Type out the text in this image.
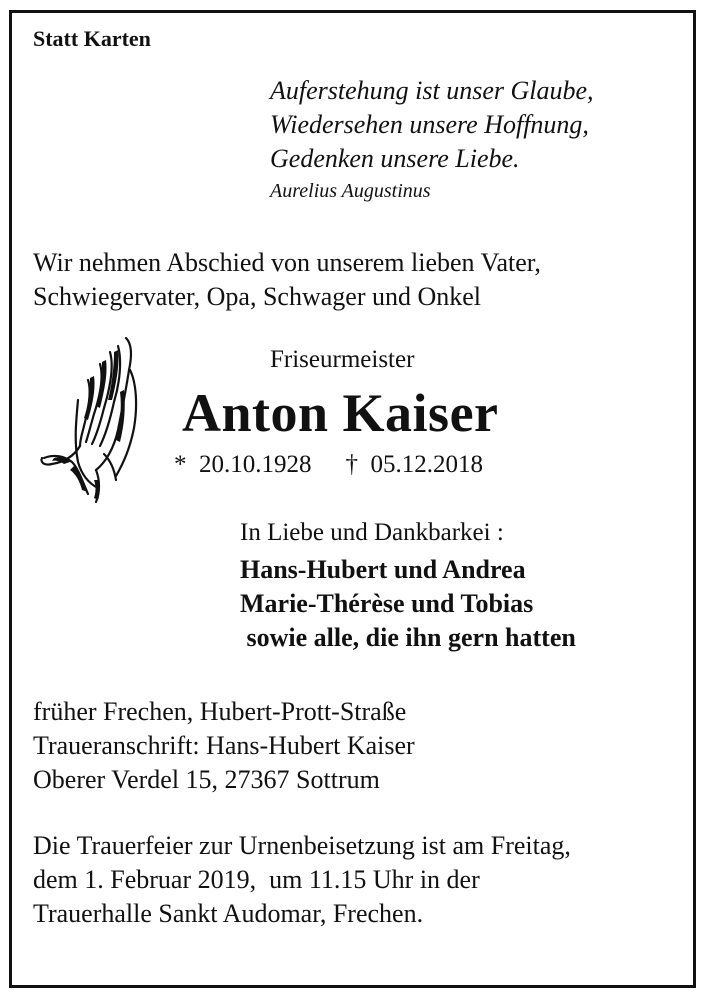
Statt Karten
Auferstehung ist unser Glaube,
Wiedersehen unsere Hoffnung,
Gedenken unsere Liebe.
Aurelius Augustinus
Wir nehmen Abschied von unserem lieben Vater,
Schwiegervater, Opa, Schwager und Onkel
Friseurmeister
Anton Kaiser
* 20.10.1928 † 05.12.2018
In Liebe und Dankbarkei :
Hans-Hubert und Andrea
Marie-Thérèse und Tobias
sowie alle, die ihn gern hatten
früher Frechen, Hubert-Prott-Straße
Traueranschrift: Hans-Hubert Kaiser
Oberer Verdel 15, 27367 Sottrum
Die Trauerfeier zur Urnenbeisetzung ist am Freitag,
dem 1. Februar 2019,  um 11.15 Uhr in der
Trauerhalle Sankt Audomar, Frechen.
